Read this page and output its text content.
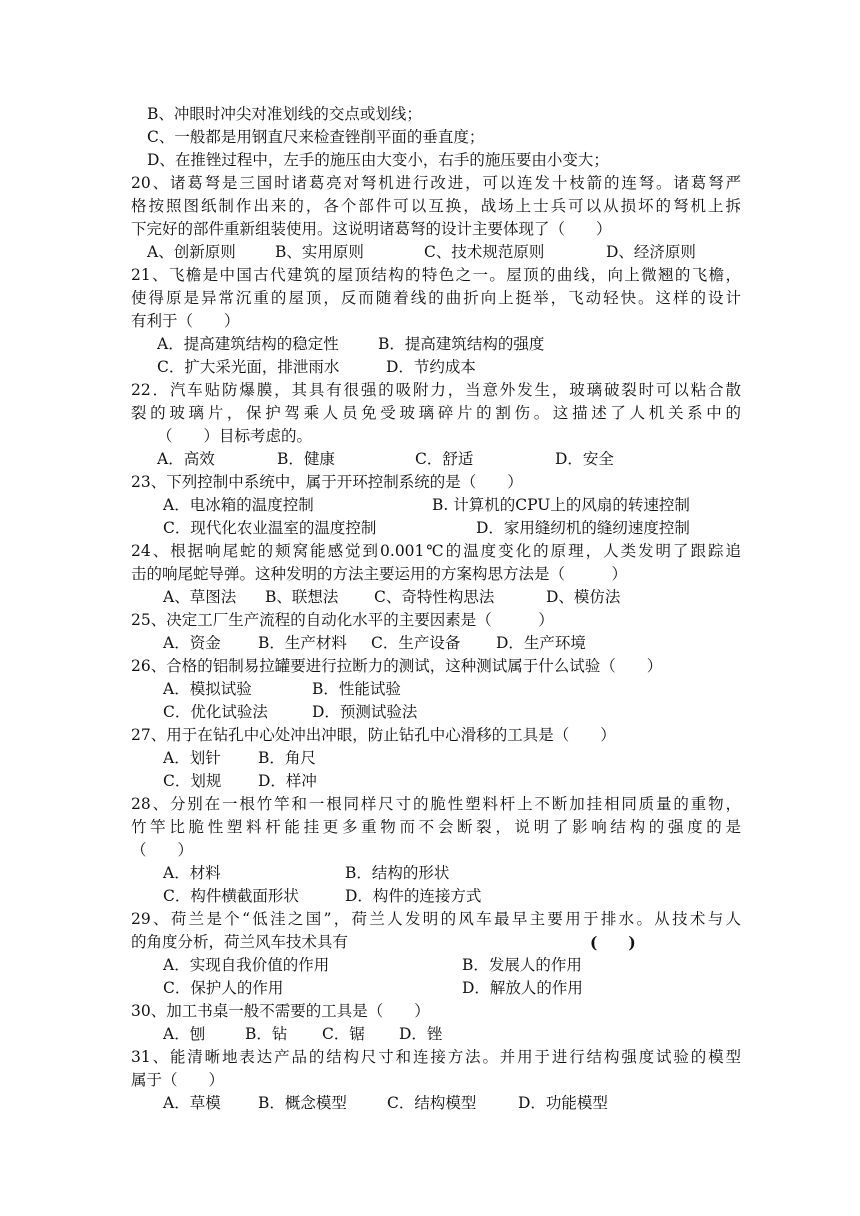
B、冲眼时冲尖对准划线的交点或划线；
C、一般都是用钢直尺来检查锉削平面的垂直度；
D、在推锉过程中，左手的施压由大变小，右手的施压要由小变大；
20、诸葛弩是三国时诸葛亮对弩机进行改进，可以连发十枝箭的连弩。诸葛弩严
格按照图纸制作出来的，各个部件可以互换，战场上士兵可以从损坏的弩机上拆
下完好的部件重新组装使用。这说明诸葛弩的设计主要体现了（　　）
A、创新原则	B、实用原则	C、技术规范原则	D、经济原则
21、飞檐是中国古代建筑的屋顶结构的特色之一。屋顶的曲线，向上微翘的飞檐，
使得原是异常沉重的屋顶，反而随着线的曲折向上挺举，飞动轻快。这样的设计
有利于（　　）
A．提高建筑结构的稳定性	B．提高建筑结构的强度
C．扩大采光面，排泄雨水	D．节约成本
22．汽车贴防爆膜，其具有很强的吸附力，当意外发生，玻璃破裂时可以粘合散
裂的玻璃片，保护驾乘人员免受玻璃碎片的割伤。这描述了人机关系中的
（　　）目标考虑的。
A．高效	B．健康	C．舒适	D．安全
23、下列控制中系统中，属于开环控制系统的是（　　）
A．电冰箱的温度控制	B. 计算机的CPU上的风扇的转速控制
C．现代化农业温室的温度控制	D．家用缝纫机的缝纫速度控制
24、根据响尾蛇的颊窝能感觉到0.001℃的温度变化的原理，人类发明了跟踪追
击的响尾蛇导弹。这种发明的方法主要运用的方案构思方法是（　　　）
A、草图法 B、联想法 C、奇特性构思法	D、模仿法
25、决定工厂生产流程的自动化水平的主要因素是（　　　）
A．资金 B．生产材料 C．生产设备 D．生产环境
26、合格的铝制易拉罐要进行拉断力的测试，这种测试属于什么试验（　　）
A．模拟试验	B．性能试验
C．优化试验法	D．预测试验法
27、用于在钻孔中心处冲出冲眼，防止钻孔中心滑移的工具是（　　）
A．划针 B．角尺
C．划规 D．样冲
28、分别在一根竹竿和一根同样尺寸的脆性塑料杆上不断加挂相同质量的重物，
竹竿比脆性塑料杆能挂更多重物而不会断裂，说明了影响结构的强度的是
（　　）
A．材料	B．结构的形状
C．构件横截面形状	D．构件的连接方式
29、荷兰是个“低洼之国”，荷兰人发明的风车最早主要用于排水。从技术与人
的角度分析，荷兰风车技术具有	(　　)
A．实现自我价值的作用	B．发展人的作用
C．保护人的作用	D．解放人的作用
30、加工书桌一般不需要的工具是（　　）
A．刨	B．钻 C．锯 D．锉
31、能清晰地表达产品的结构尺寸和连接方法。并用于进行结构强度试验的模型
属于（　　）
A．草模 B．概念模型	C．结构模型	D．功能模型
